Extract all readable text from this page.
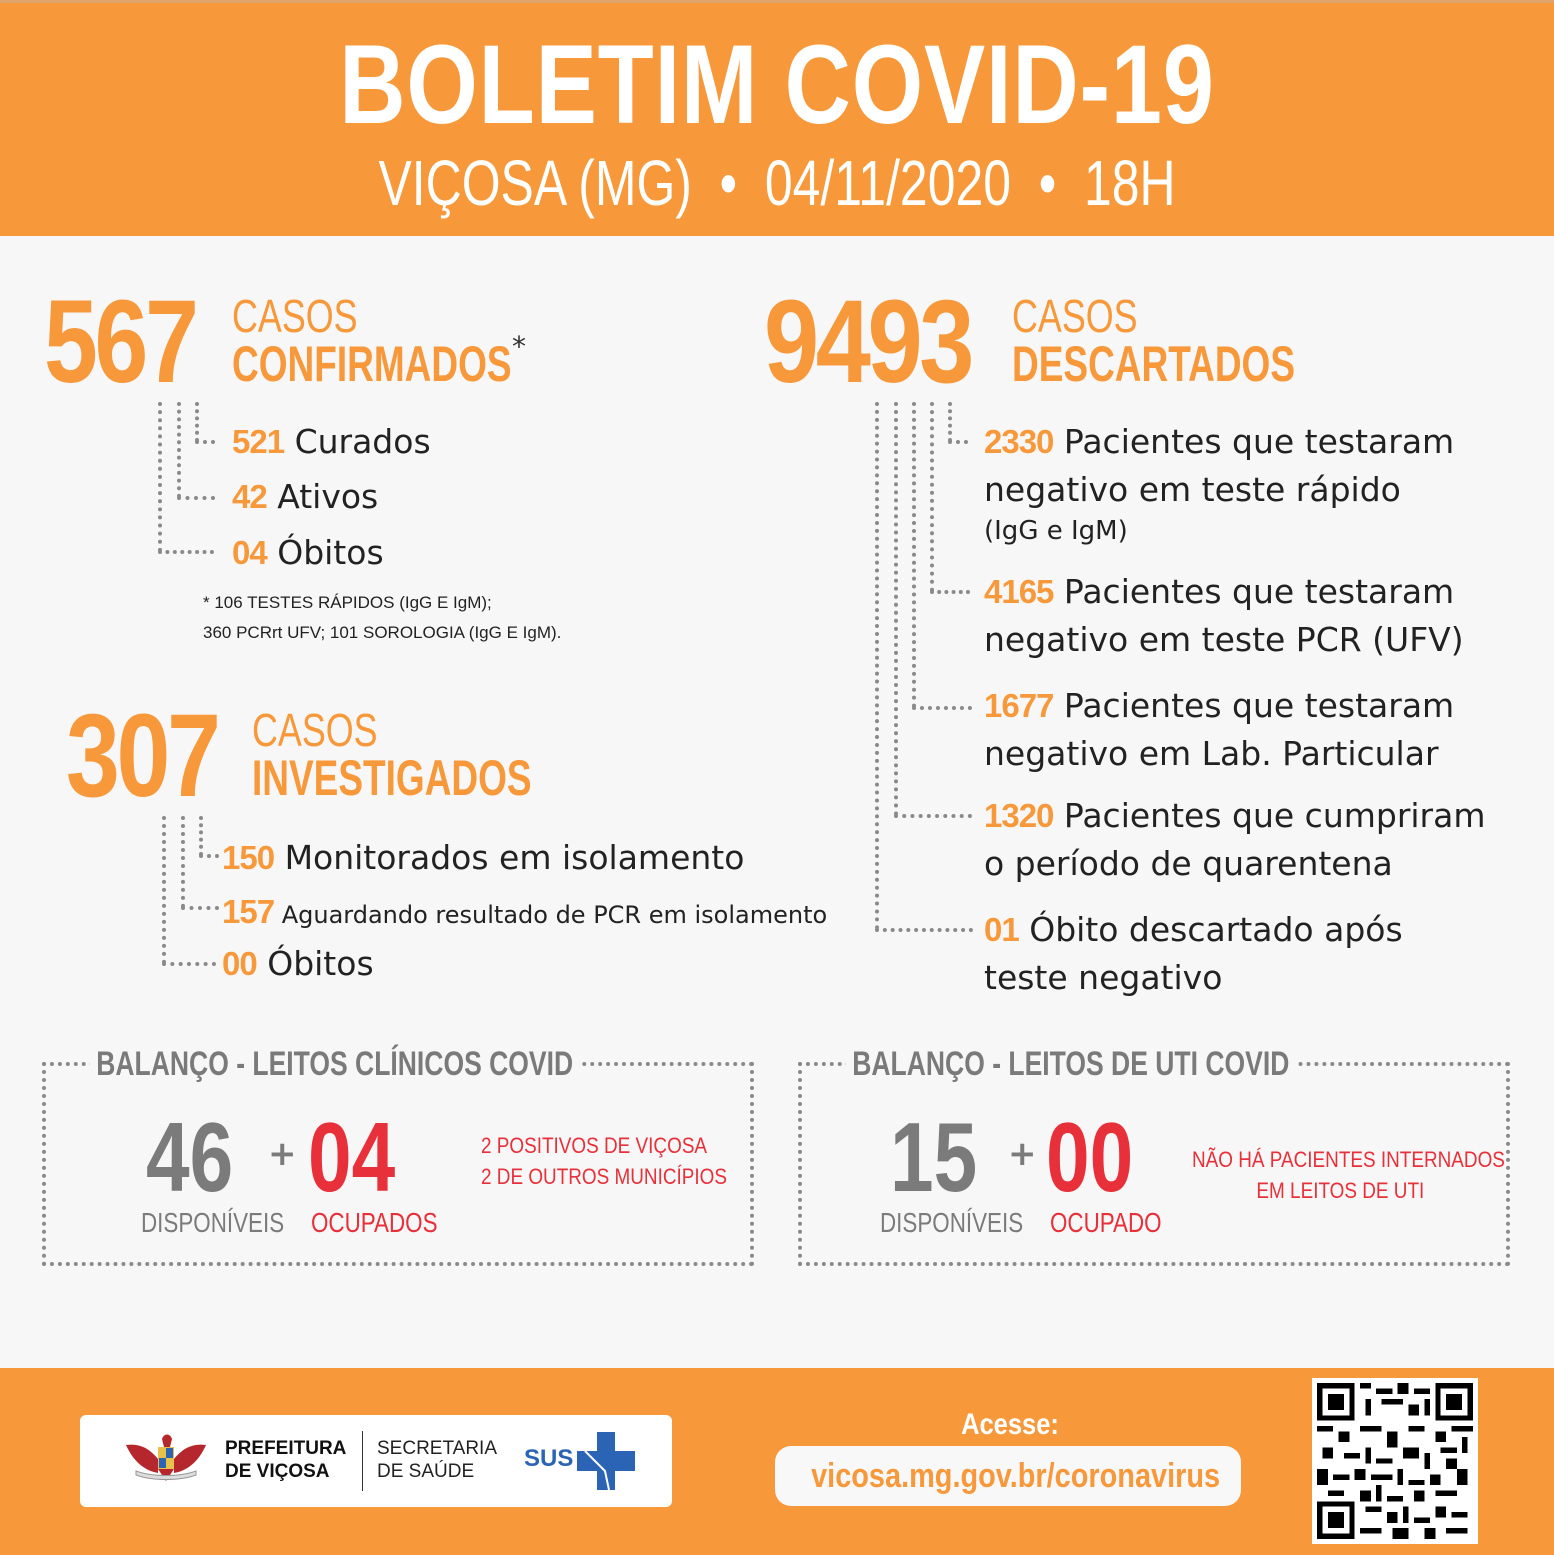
BOLETIM COVID-19
VIÇOSA (MG)  •  04/11/2020  •  18H
567 CASOS
CONFIRMADOS *
521 Curados
42 Ativos
04 Óbitos
* 106 TESTES RÁPIDOS (IgG E IgM);
360 PCRrt UFV; 101 SOROLOGIA (IgG E IgM).
307 CASOS
INVESTIGADOS
150 Monitorados em isolamento
157 Aguardando resultado de PCR em isolamento
00 Óbitos
9493 CASOS
DESCARTADOS
2330 Pacientes que testaram
negativo em teste rápido
(IgG e IgM)
4165 Pacientes que testaram
negativo em teste PCR (UFV)
1677 Pacientes que testaram
negativo em Lab. Particular
1320 Pacientes que cumpriram
o período de quarentena
01 Óbito descartado após
teste negativo
BALANÇO - LEITOS CLÍNICOS COVID
46 + 04
DISPONÍVEIS OCUPADOS
2 POSITIVOS DE VIÇOSA
2 DE OUTROS MUNICÍPIOS
BALANÇO - LEITOS DE UTI COVID
15 + 00
DISPONÍVEIS OCUPADO
NÃO HÁ PACIENTES INTERNADOS
EM LEITOS DE UTI
PREFEITURA
DE VIÇOSA
SECRETARIA
DE SAÚDE	SUS
Acesse:
vicosa.mg.gov.br/coronavirus
